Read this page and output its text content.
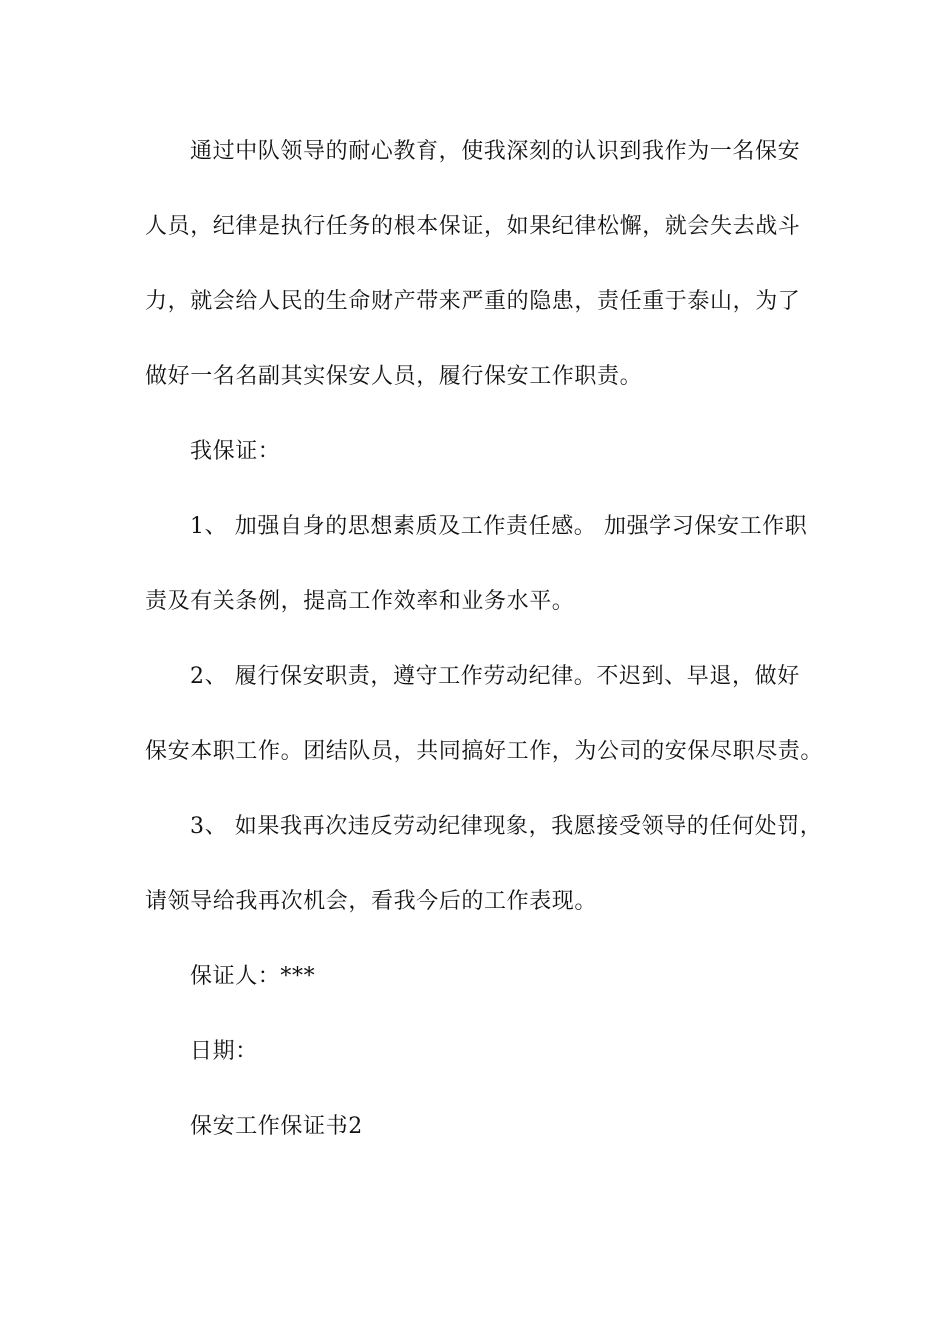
通过中队领导的耐心教育，使我深刻的认识到我作为一名保安
人员，纪律是执行任务的根本保证，如果纪律松懈，就会失去战斗
力，就会给人民的生命财产带来严重的隐患，责任重于泰山，为了
做好一名名副其实保安人员，履行保安工作职责。
我保证：
1、 加强自身的思想素质及工作责任感。 加强学习保安工作职
责及有关条例，提高工作效率和业务水平。
2、 履行保安职责，遵守工作劳动纪律。不迟到、早退，做好
保安本职工作。团结队员，共同搞好工作，为公司的安保尽职尽责。
3、 如果我再次违反劳动纪律现象，我愿接受领导的任何处罚，
请领导给我再次机会，看我今后的工作表现。
保证人：***
日期：
保安工作保证书2
